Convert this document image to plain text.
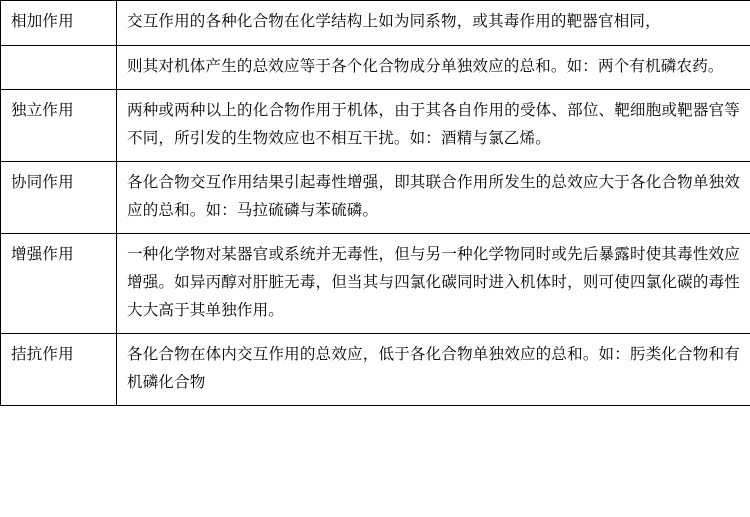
相加作用	交互作用的各种化合物在化学结构上如为同系物，或其毒作用的靶器官相同，

	则其对机体产生的总效应等于各个化合物成分单独效应的总和。如：两个有机磷农药。

独立作用	两种或两种以上的化合物作用于机体，由于其各自作用的受体、部位、靶细胞或靶器官等不同，所引发的生物效应也不相互干扰。如：酒精与氯乙烯。

协同作用	各化合物交互作用结果引起毒性增强，即其联合作用所发生的总效应大于各化合物单独效应的总和。如：马拉硫磷与苯硫磷。

增强作用	一种化学物对某器官或系统并无毒性，但与另一种化学物同时或先后暴露时使其毒性效应增强。如异丙醇对肝脏无毒，但当其与四氯化碳同时进入机体时，则可使四氯化碳的毒性大大高于其单独作用。

拮抗作用	各化合物在体内交互作用的总效应，低于各化合物单独效应的总和。如：肟类化合物和有机磷化合物
